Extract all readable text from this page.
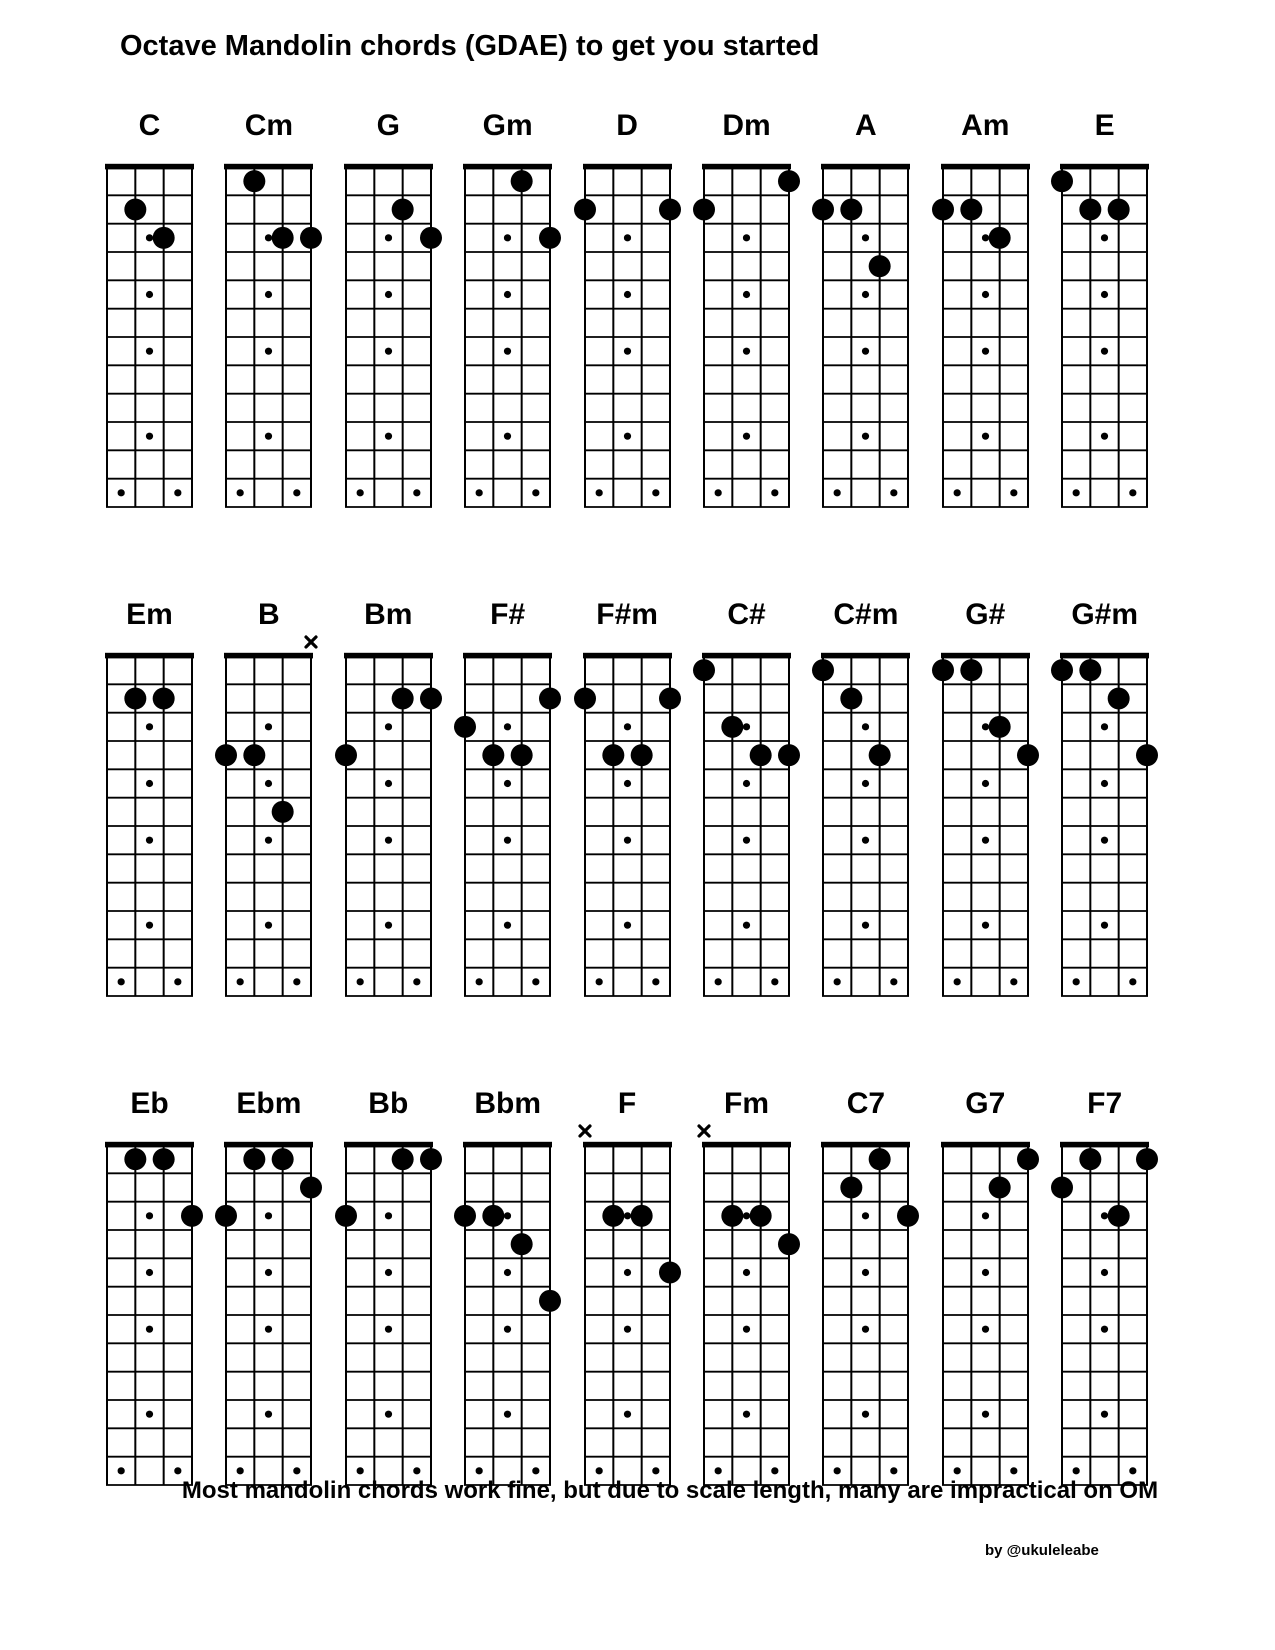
Octave Mandolin chords (GDAE) to get you started
C	Cm	G	Gm	D	Dm	A	Am	E
Em	B	Bm	F#	F#m	C#	C#m	G#	G#m
Eb	Ebm	Bb	Bbm	F	Fm	C7	G7	F7
Most mandolin chords work fine, but due to scale length, many are impractical on OM
by @ukuleleabe
